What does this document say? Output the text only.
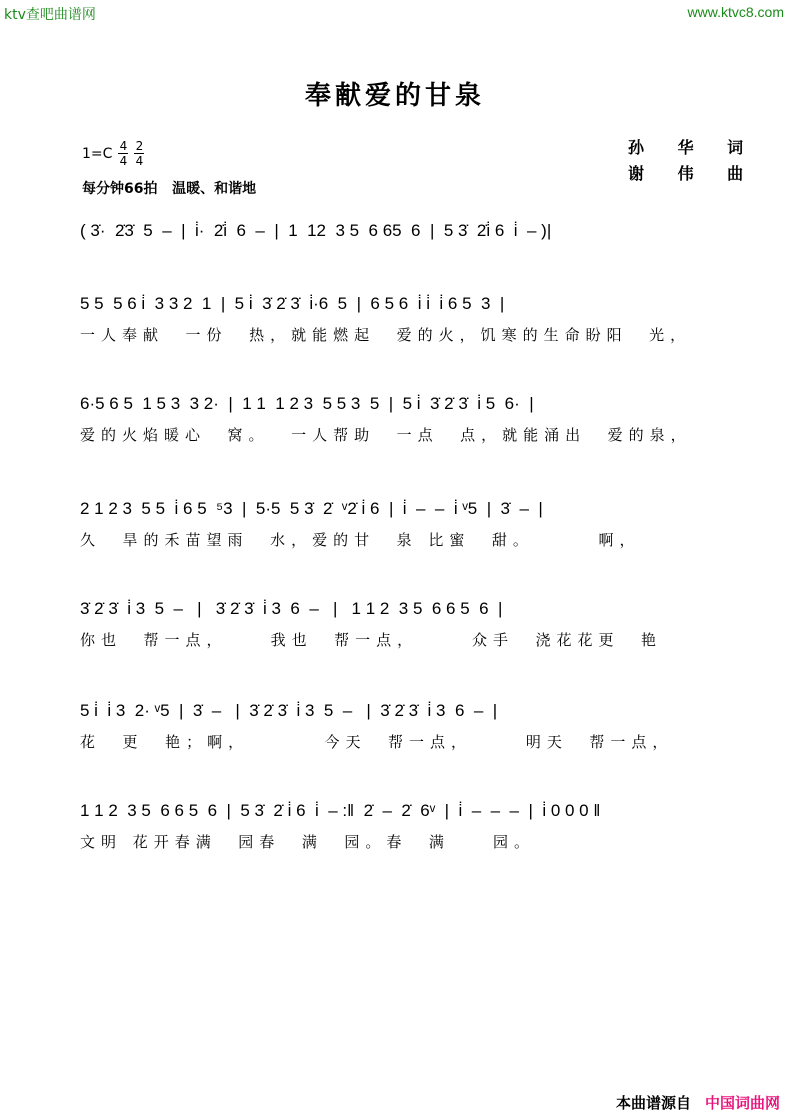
ktv查吧曲谱网	www.ktvc8.com
奉献爱的甘泉
$1=C \frac{4}{4} \frac{2}{4}$
每分钟66拍 温暖、和谐地
孙 华 词
谢 伟 曲
( 3̇·  2̇3̇  5  –  |  i̇·  2̇i̇  6  –  |  1  12  3 5  6 65  6  |  5 3̇  2̇i̇ 6  i̇  – )|
5 5  5 6 i̇  3 3 2  1  |  5 i̇  3̇ 2̇ 3̇  i̇·6  5  |  6 5 6  i̇ i̇  i̇ 6 5  3  |
一人奉献  一份  热，就能燃起  爱的火，饥寒的生命盼阳  光，
6·5 6 5  1 5 3  3 2·  |  1 1  1 2 3  5 5 3  5  |  5 i̇  3̇ 2̇ 3̇  i̇ 5  6·  |
爱的火焰暖心  窝。  一人帮助  一点  点，就能涌出  爱的泉，
2 1 2 3  5 5  i̇ 6 5  ⁵3  |  5·5  5 3̇  2̇  ᵛ2̇ i̇ 6  |  i̇  –  –  i̇ ᵛ5  |  3̇  –  |
久  旱的禾苗望雨  水，爱的甘  泉 比蜜  甜。      啊，
3̇ 2̇ 3̇  i̇ 3  5  –   |   3̇ 2̇ 3̇  i̇ 3  6  –   |   1 1 2  3 5  6 6 5  6  |
你也  帮一点，    我也  帮一点，     众手  浇花花更  艳
5 i̇  i̇ 3  2· ᵛ5  |  3̇  –   |  3̇ 2̇ 3̇  i̇ 3  5  –   |  3̇ 2̇ 3̇  i̇ 3  6  –  |
花  更  艳；啊，       今天  帮一点，     明天  帮一点，
1 1 2  3 5  6 6 5  6  |  5 3̇  2̇ i̇ 6  i̇  – :‖  2̇  –  2̇  6ᵛ  |  i̇  –  –  –  |  i̇ 0 0 0 ‖
文明 花开春满  园春  满  园。春  满    园。
本曲谱源自 中国词曲网
